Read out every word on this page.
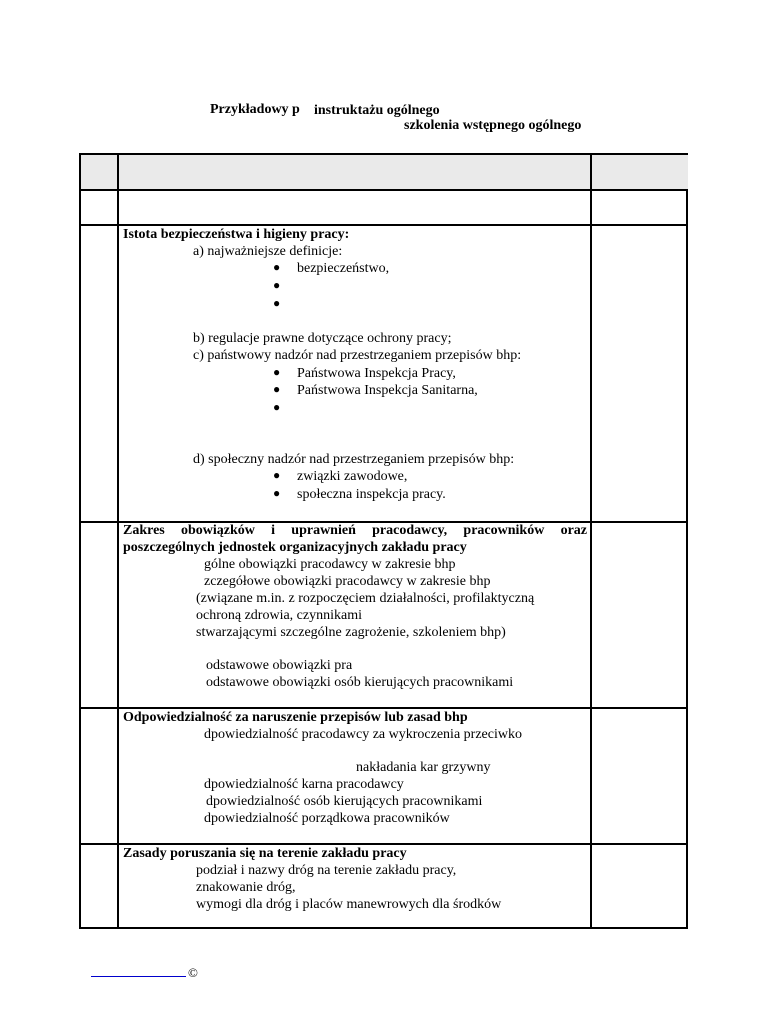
Przykładowy p

szkolenia wstępnego ogólnego

instruktażu ogólnego
Istota bezpieczeństwa i higieny pracy:
a) najważniejsze definicje:
● bezpieczeństwo,
●
●
b) regulacje prawne dotyczące ochrony pracy;
c) państwowy nadzór nad przestrzeganiem przepisów bhp:
● Państwowa Inspekcja Pracy,
● Państwowa Inspekcja Sanitarna,
●
d) społeczny nadzór nad przestrzeganiem przepisów bhp:
● związki zawodowe,
● społeczna inspekcja pracy.
Zakres obowiązków i uprawnień pracodawcy, pracowników oraz
poszczególnych jednostek organizacyjnych zakładu pracy
gólne obowiązki pracodawcy w zakresie bhp
zczegółowe obowiązki pracodawcy w zakresie bhp
(związane m.in. z rozpoczęciem działalności, profilaktyczną
ochroną zdrowia, czynnikami
stwarzającymi szczególne zagrożenie, szkoleniem bhp)
odstawowe obowiązki pra
odstawowe obowiązki osób kierujących pracownikami
Odpowiedzialność za naruszenie przepisów lub zasad bhp
dpowiedzialność pracodawcy za wykroczenia przeciwko
nakładania kar grzywny
dpowiedzialność karna pracodawcy
dpowiedzialność osób kierujących pracownikami
dpowiedzialność porządkowa pracowników
Zasady poruszania się na terenie zakładu pracy
podział i nazwy dróg na terenie zakładu pracy,
znakowanie dróg,
wymogi dla dróg i placów manewrowych dla środków
©
